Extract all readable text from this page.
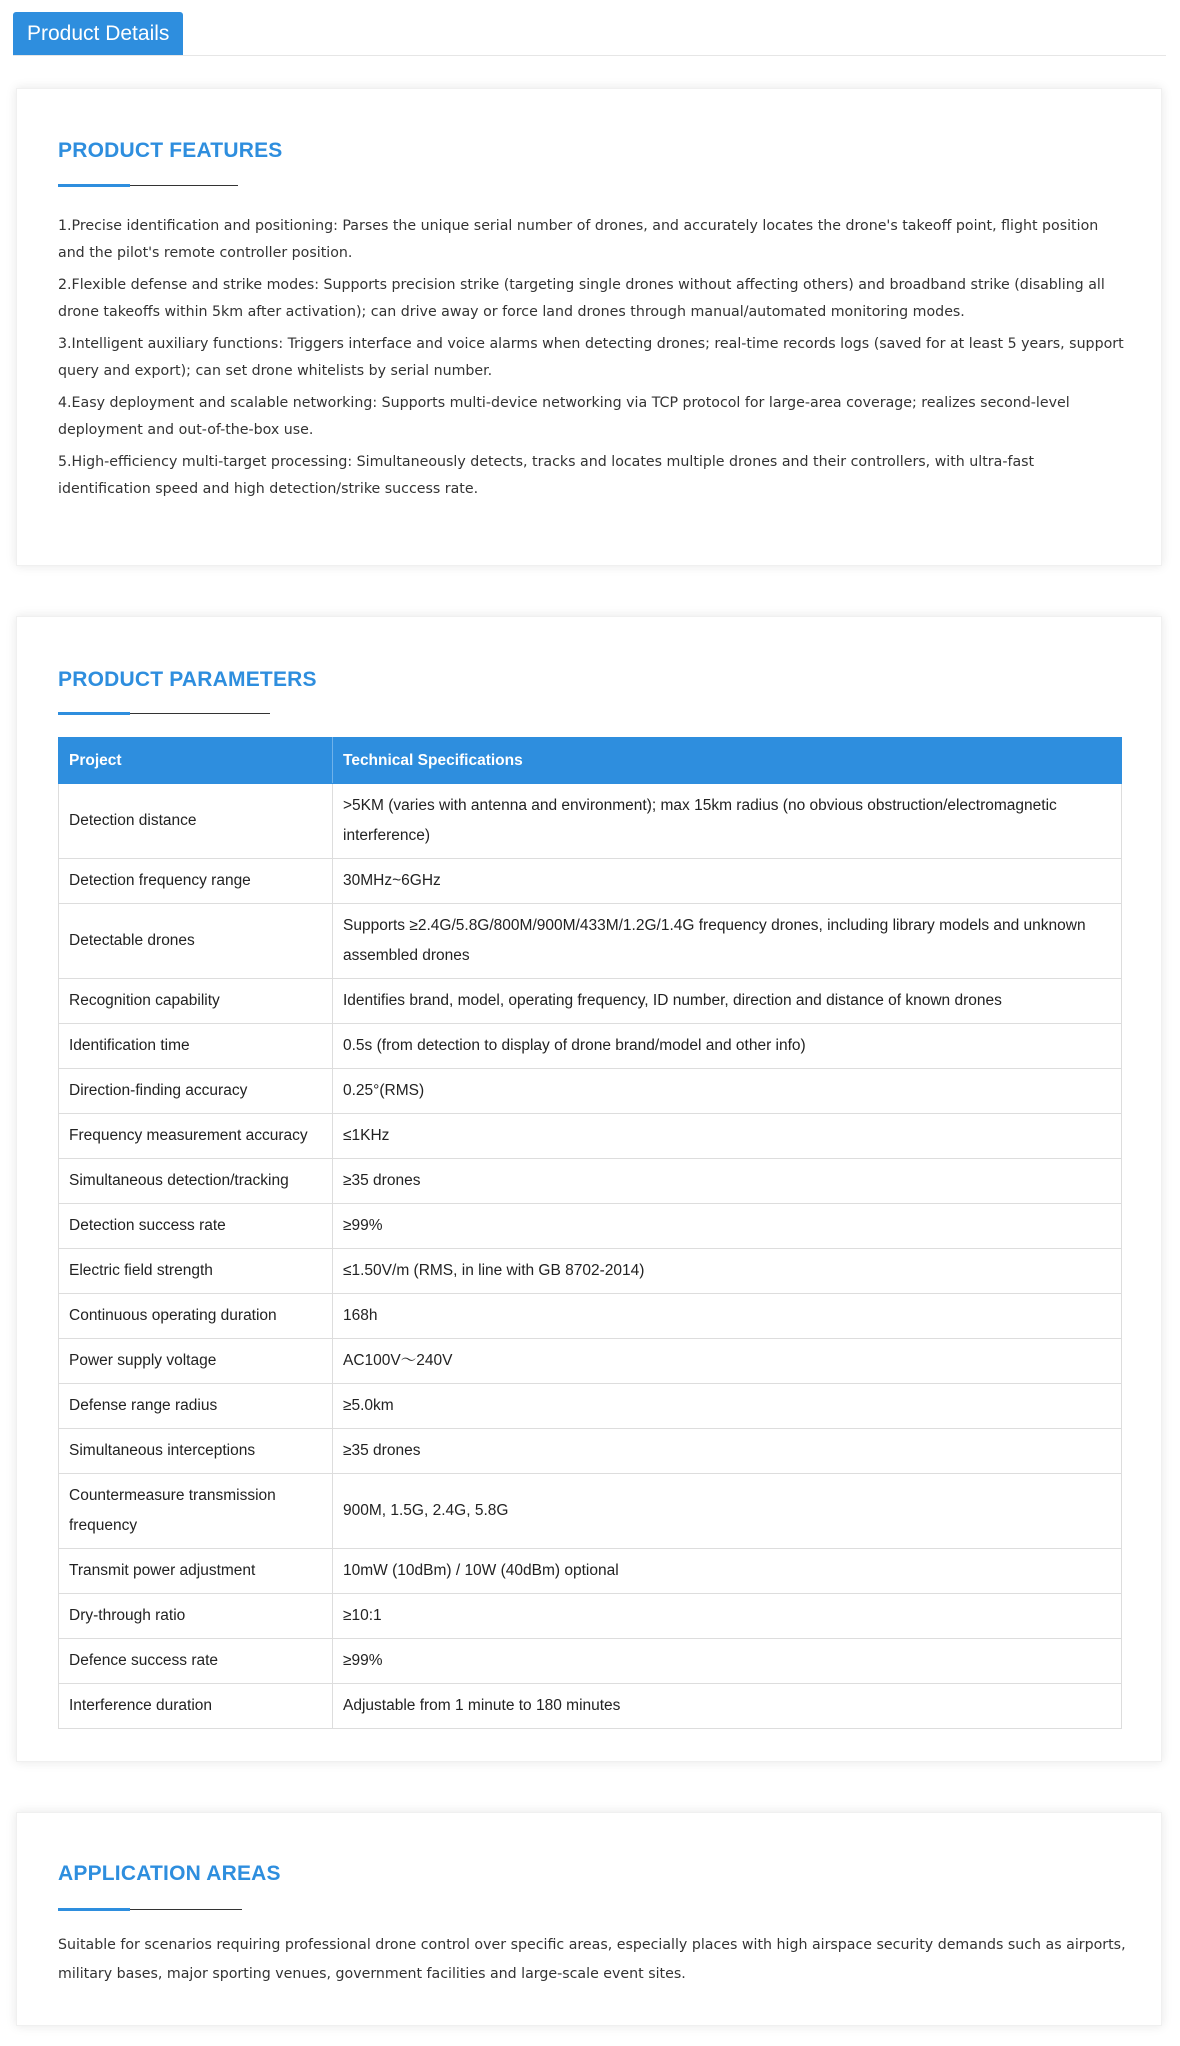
Product Details
PRODUCT FEATURES

1.Precise identification and positioning: Parses the unique serial number of drones, and accurately locates the drone's takeoff point, flight position and the pilot's remote controller position.

2.Flexible defense and strike modes: Supports precision strike (targeting single drones without affecting others) and broadband strike (disabling all drone takeoffs within 5km after activation); can drive away or force land drones through manual/automated monitoring modes.

3.Intelligent auxiliary functions: Triggers interface and voice alarms when detecting drones; real-time records logs (saved for at least 5 years, support query and export); can set drone whitelists by serial number.

4.Easy deployment and scalable networking: Supports multi-device networking via TCP protocol for large-area coverage; realizes second-level deployment and out-of-the-box use.

5.High-efficiency multi-target processing: Simultaneously detects, tracks and locates multiple drones and their controllers, with ultra-fast identification speed and high detection/strike success rate.

PRODUCT PARAMETERS
Project	Technical Specifications
Detection distance	>5KM (varies with antenna and environment); max 15km radius (no obvious obstruction/electromagnetic interference)
Detection frequency range	30MHz~6GHz
Detectable drones	Supports ≥2.4G/5.8G/800M/900M/433M/1.2G/1.4G frequency drones, including library models and unknown assembled drones
Recognition capability	Identifies brand, model, operating frequency, ID number, direction and distance of known drones
Identification time	0.5s (from detection to display of drone brand/model and other info)
Direction-finding accuracy	0.25°(RMS)
Frequency measurement accuracy	≤1KHz
Simultaneous detection/tracking	≥35 drones
Detection success rate	≥99%
Electric field strength	≤1.50V/m (RMS, in line with GB 8702-2014)
Continuous operating duration	168h
Power supply voltage	AC100V～240V
Defense range radius	≥5.0km
Simultaneous interceptions	≥35 drones
Countermeasure transmission frequency	900M, 1.5G, 2.4G, 5.8G
Transmit power adjustment	10mW (10dBm) / 10W (40dBm) optional
Dry-through ratio	≥10:1
Defence success rate	≥99%
Interference duration	Adjustable from 1 minute to 180 minutes
APPLICATION AREAS

Suitable for scenarios requiring professional drone control over specific areas, especially places with high airspace security demands such as airports, military bases, major sporting venues, government facilities and large-scale event sites.
